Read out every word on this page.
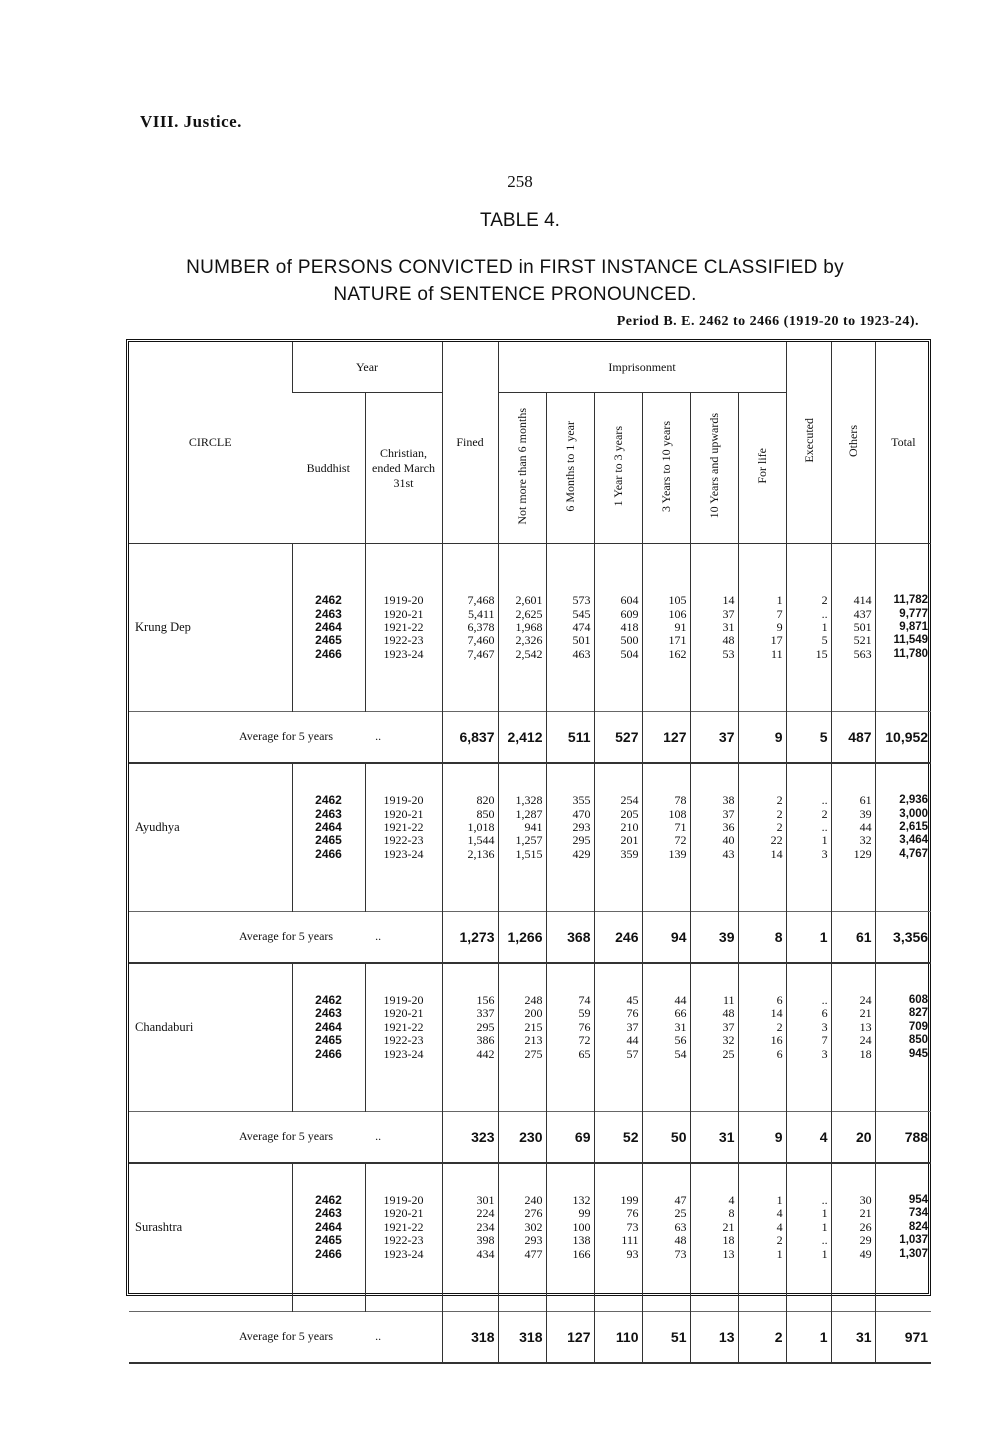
VIII. Justice.
258
TABLE 4.
NUMBER of PERSONS CONVICTED in FIRST INSTANCE CLASSIFIED by
NATURE of SENTENCE PRONOUNCED.
Period B. E. 2462 to 2466 (1919-20 to 1923-24).
CIRCLE	Year		Fined	Imprisonment						Executed	Others	Total
	Buddhist	Christian, ended March 31st		Not more than 6 months	6 Months to 1 year	1 Year to 3 years	3 Years to 10 years	10 Years and upwards	For life			

	2462	1919-20	7,468	2,601	573	604	105	14	1	2	414	11,782
	2463	1920-21	5,411	2,625	545	609	106	37	7	..	437	9,777
Krung Dep	2464	1921-22	6,378	1,968	474	418	91	31	9	1	501	9,871
	2465	1922-23	7,460	2,326	501	500	171	48	17	5	521	11,549
	2466	1923-24	7,467	2,542	463	504	162	53	11	15	563	11,780

Average for 5 years ..			6,837	2,412	511	527	127	37	9	5	487	10,952

	2462	1919-20	820	1,328	355	254	78	38	2	..	61	2,936
	2463	1920-21	850	1,287	470	205	108	37	2	2	39	3,000
Ayudhya	2464	1921-22	1,018	941	293	210	71	36	2	..	44	2,615
	2465	1922-23	1,544	1,257	295	201	72	40	22	1	32	3,464
	2466	1923-24	2,136	1,515	429	359	139	43	14	3	129	4,767

Average for 5 years ..			1,273	1,266	368	246	94	39	8	1	61	3,356

	2462	1919-20	156	248	74	45	44	11	6	..	24	608
	2463	1920-21	337	200	59	76	66	48	14	6	21	827
Chandaburi	2464	1921-22	295	215	76	37	31	37	2	3	13	709
	2465	1922-23	386	213	72	44	56	32	16	7	24	850
	2466	1923-24	442	275	65	57	54	25	6	3	18	945

Average for 5 years ..			323	230	69	52	50	31	9	4	20	788

	2462	1919-20	301	240	132	199	47	4	1	..	30	954
	2463	1920-21	224	276	99	76	25	8	4	1	21	734
Surashtra	2464	1921-22	234	302	100	73	63	21	4	1	26	824
	2465	1922-23	398	293	138	111	48	18	2	..	29	1,037
	2466	1923-24	434	477	166	93	73	13	1	1	49	1,307

Average for 5 years ..			318	318	127	110	51	13	2	1	31	971
